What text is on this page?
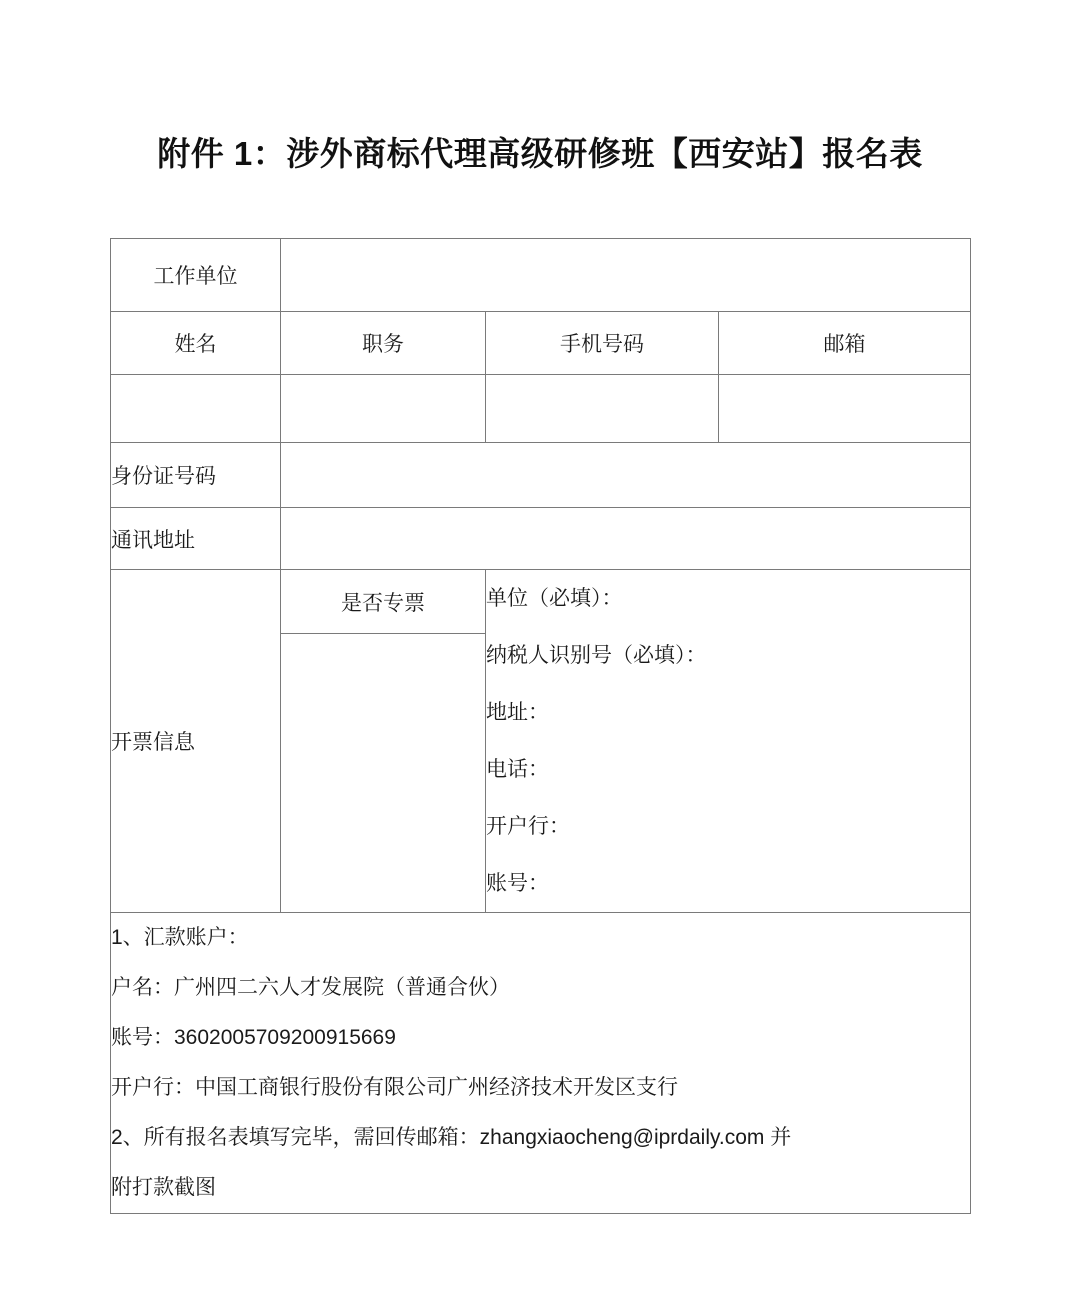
附件 1：涉外商标代理高级研修班【西安站】报名表
工作单位			
姓名	职务	手机号码	邮箱

身份证号码			
通讯地址			
开票信息	是否专票	单位（必填）：
纳税人识别号（必填）：
地址：
电话：
开户行：
账号：

1、汇款账户：
户名：广州四二六人才发展院（普通合伙）
账号：3602005709200915669
开户行：中国工商银行股份有限公司广州经济技术开发区支行
2、所有报名表填写完毕，需回传邮箱：zhangxiaocheng@iprdaily.com 并
附打款截图
